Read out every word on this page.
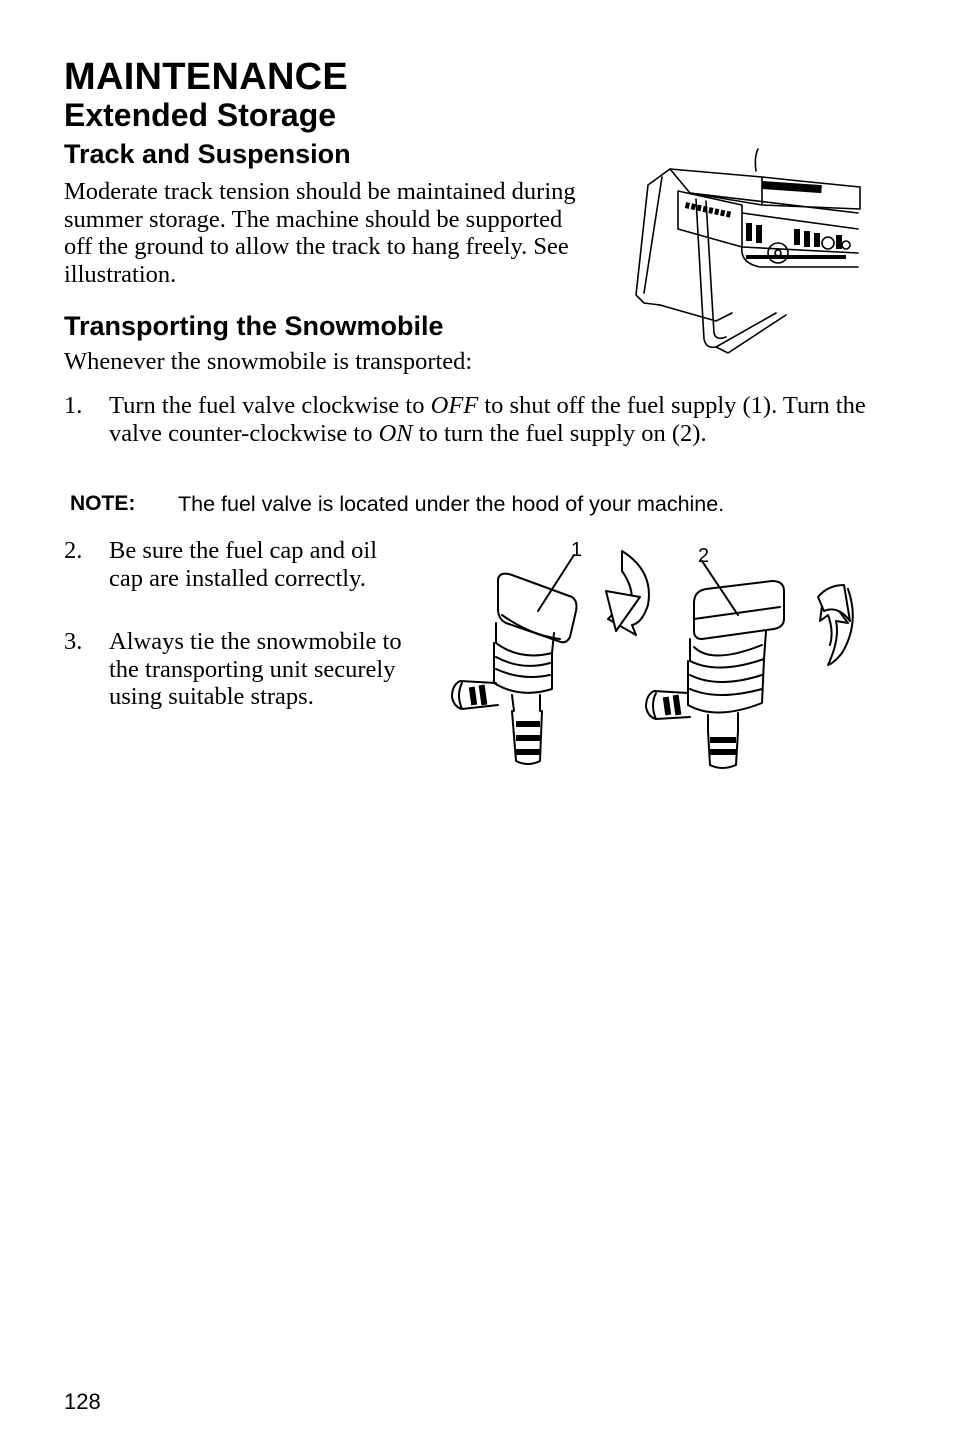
MAINTENANCE
Extended Storage
Track and Suspension
Moderate track tension should be maintained during summer storage. The machine should be supported off the ground to allow the track to hang freely. See illustration.
Transporting the Snowmobile
Whenever the snowmobile is transported:
1. Turn the fuel valve clockwise to OFF to shut off the fuel supply (1). Turn the valve counter-clockwise to ON to turn the fuel supply on (2).
NOTE: The fuel valve is located under the hood of your machine.
2. Be sure the fuel cap and oil cap are installed correctly.
3. Always tie the snowmobile to the transporting unit securely using suitable straps.
1	2
128
